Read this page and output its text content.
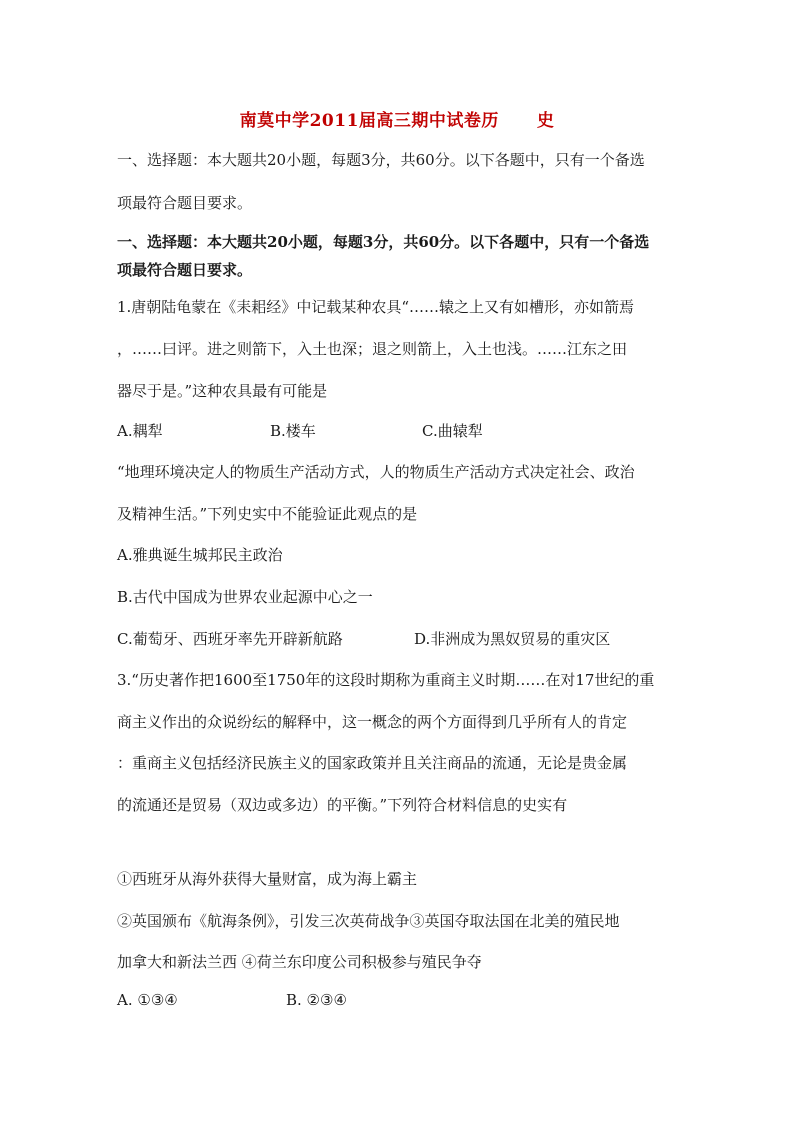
南莫中学2011届高三期中试卷历 史
一、选择题：本大题共20小题，每题3分，共60分。以下各题中，只有一个备选
项最符合题目要求。
一、选择题：本大题共20小题，每题3分，共60分。以下各题中，只有一个备选
项最符合题日要求。
1.唐朝陆龟蒙在《耒耜经》中记载某种农具“……辕之上又有如槽形，亦如箭焉
，……曰评。进之则箭下，入土也深；退之则箭上，入土也浅。……江东之田
器尽于是。”这种农具最有可能是
A.耦犁	B.楼车	C.曲辕犁
“地理环境决定人的物质生产活动方式，人的物质生产活动方式决定社会、政治
及精神生活。”下列史实中不能验证此观点的是
A.雅典诞生城邦民主政治
B.古代中国成为世界农业起源中心之一
C.葡萄牙、西班牙率先开辟新航路	D.非洲成为黑奴贸易的重灾区
3.“历史著作把1600至1750年的这段时期称为重商主义时期……在对17世纪的重
商主义作出的众说纷纭的解释中，这一概念的两个方面得到几乎所有人的肯定
：重商主义包括经济民族主义的国家政策并且关注商品的流通，无论是贵金属
的流通还是贸易（双边或多边）的平衡。”下列符合材料信息的史实有
①西班牙从海外获得大量财富，成为海上霸主
②英国颁布《航海条例》，引发三次英荷战争③英国夺取法国在北美的殖民地
加拿大和新法兰西 ④荷兰东印度公司积极参与殖民争夺
A. ①③④	B. ②③④
